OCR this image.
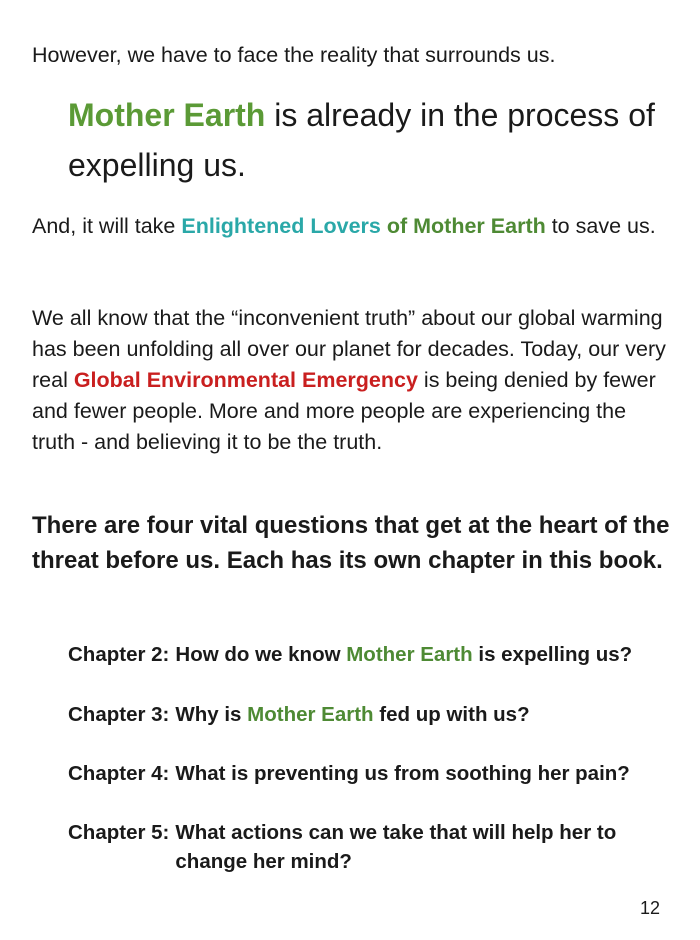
However, we have to face the reality that surrounds us.

Mother Earth is already in the process of expelling us.

And, it will take Enlightened Lovers of Mother Earth to save us.

We all know that the “inconvenient truth” about our global warming has been unfolding all over our planet for decades. Today, our very real Global Environmental Emergency is being denied by fewer and fewer people. More and more people are experiencing the truth - and believing it to be the truth.

There are four vital questions that get at the heart of the threat before us. Each has its own chapter in this book.

Chapter 2: How do we know Mother Earth is expelling us?
Chapter 3: Why is Mother Earth fed up with us?
Chapter 4: What is preventing us from soothing her pain?
Chapter 5: What actions can we take that will help her to change her mind?
12
